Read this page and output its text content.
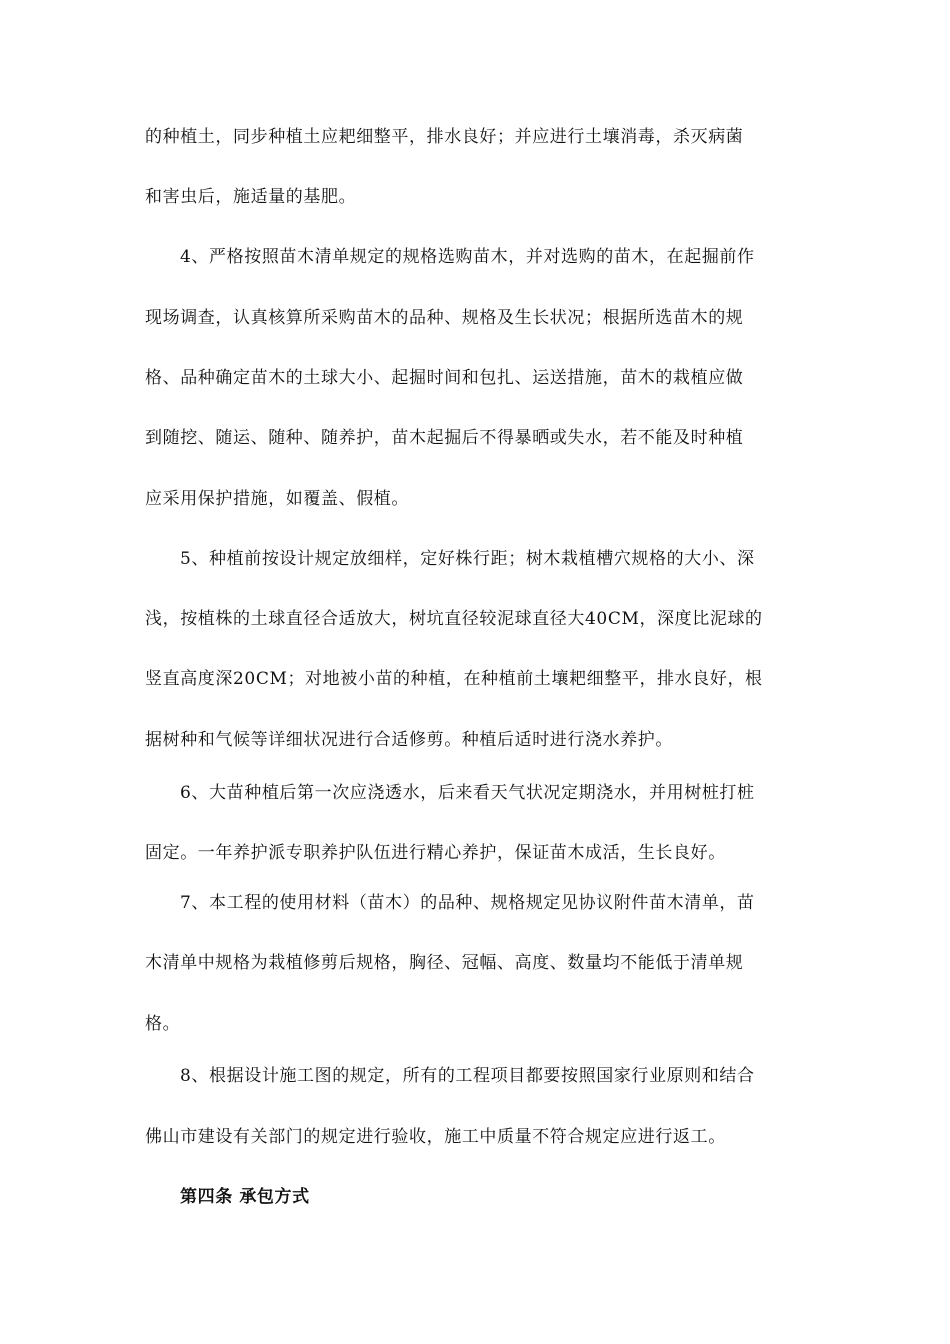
的种植土，同步种植土应耙细整平，排水良好；并应进行土壤消毒，杀灭病菌
和害虫后，施适量的基肥。
4、严格按照苗木清单规定的规格选购苗木，并对选购的苗木，在起掘前作
现场调查，认真核算所采购苗木的品种、规格及生长状况；根据所选苗木的规
格、品种确定苗木的土球大小、起掘时间和包扎、运送措施，苗木的栽植应做
到随挖、随运、随种、随养护，苗木起掘后不得暴晒或失水，若不能及时种植
应采用保护措施，如覆盖、假植。
5、种植前按设计规定放细样，定好株行距；树木栽植槽穴规格的大小、深
浅，按植株的土球直径合适放大，树坑直径较泥球直径大40CM，深度比泥球的
竖直高度深20CM；对地被小苗的种植，在种植前土壤耙细整平，排水良好，根
据树种和气候等详细状况进行合适修剪。种植后适时进行浇水养护。
6、大苗种植后第一次应浇透水，后来看天气状况定期浇水，并用树桩打桩
固定。一年养护派专职养护队伍进行精心养护，保证苗木成活，生长良好。
7、本工程的使用材料（苗木）的品种、规格规定见协议附件苗木清单，苗
木清单中规格为栽植修剪后规格，胸径、冠幅、高度、数量均不能低于清单规
格。
8、根据设计施工图的规定，所有的工程项目都要按照国家行业原则和结合
佛山市建设有关部门的规定进行验收，施工中质量不符合规定应进行返工。
第四条 承包方式
